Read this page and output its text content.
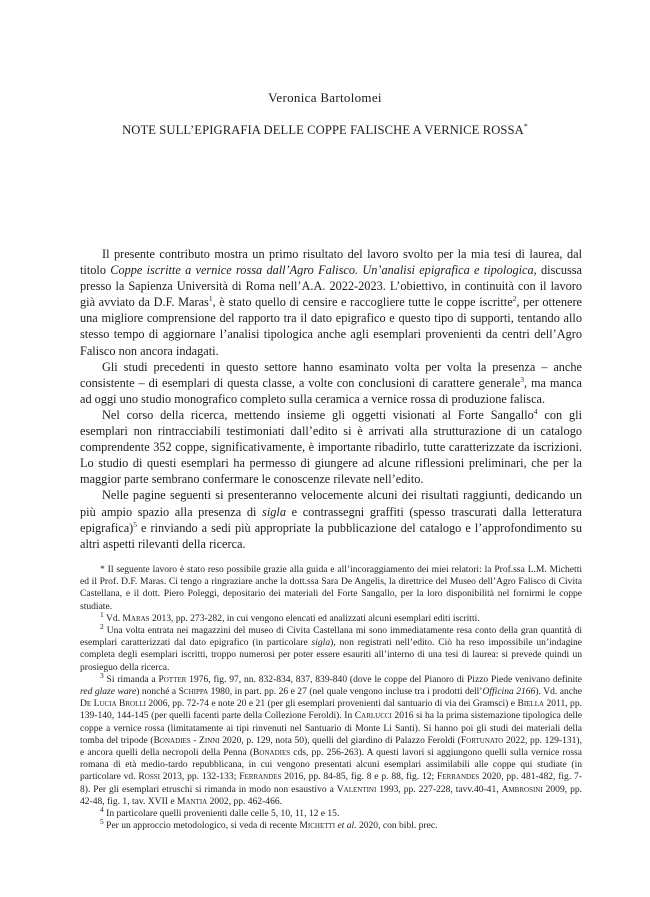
Veronica Bartolomei
NOTE SULL’EPIGRAFIA DELLE COPPE FALISCHE A VERNICE ROSSA*

Il presente contributo mostra un primo risultato del lavoro svolto per la mia tesi di laurea, dal titolo Coppe iscritte a vernice rossa dall’Agro Falisco. Un’analisi epigrafica e tipologica, discussa presso la Sapienza Università di Roma nell’A.A. 2022-2023. L’obiettivo, in continuità con il lavoro già avviato da D.F. Maras$^1$, è stato quello di censire e raccogliere tutte le coppe iscritte$^2$, per ottenere una migliore comprensione del rapporto tra il dato epigrafico e questo tipo di supporti, tentando allo stesso tempo di aggiornare l’analisi tipologica anche agli esemplari provenienti da centri dell’Agro Falisco non ancora indagati.

Gli studi precedenti in questo settore hanno esaminato volta per volta la presenza – anche consistente – di esemplari di questa classe, a volte con conclusioni di carattere generale$^3$, ma manca ad oggi uno studio monografico completo sulla ceramica a vernice rossa di produzione falisca.

Nel corso della ricerca, mettendo insieme gli oggetti visionati al Forte Sangallo$^4$ con gli esemplari non rintracciabili testimoniati dall’edito si è arrivati alla strutturazione di un catalogo comprendente 352 coppe, significativamente, è importante ribadirlo, tutte caratterizzate da iscrizioni. Lo studio di questi esemplari ha permesso di giungere ad alcune riflessioni preliminari, che per la maggior parte sembrano confermare le conoscenze rilevate nell’edito.

Nelle pagine seguenti si presenteranno velocemente alcuni dei risultati raggiunti, dedicando un più ampio spazio alla presenza di sigla e contrassegni graffiti (spesso trascurati dalla letteratura epigrafica)$^5$ e rinviando a sedi più appropriate la pubblicazione del catalogo e l’approfondimento su altri aspetti rilevanti della ricerca.

* Il seguente lavoro è stato reso possibile grazie alla guida e all’incoraggiamento dei miei relatori: la Prof.ssa L.M. Michetti ed il Prof. D.F. Maras. Ci tengo a ringraziare anche la dott.ssa Sara De Angelis, la direttrice del Museo dell’Agro Falisco di Civita Castellana, e il dott. Piero Poleggi, depositario dei materiali del Forte Sangallo, per la loro disponibilità nel fornirmi le coppe studiate.

$^1$ Vd. Maras 2013, pp. 273-282, in cui vengono elencati ed analizzati alcuni esemplari editi iscritti.

$^2$ Una volta entrata nei magazzini del museo di Civita Castellana mi sono immediatamente resa conto della gran quantità di esemplari caratterizzati dal dato epigrafico (in particolare sigla), non registrati nell’edito. Ciò ha reso impossibile un’indagine completa degli esemplari iscritti, troppo numerosi per poter essere esauriti all’interno di una tesi di laurea: si prevede quindi un prosieguo della ricerca.

$^3$ Si rimanda a Potter 1976, fig. 97, nn. 832-834, 837, 839-840 (dove le coppe del Pianoro di Pizzo Piede venivano definite red glaze ware) nonché a Schippa 1980, in part. pp. 26 e 27 (nel quale vengono incluse tra i prodotti dell’Officina 2166). Vd. anche De Lucia Brolli 2006, pp. 72-74 e note 20 e 21 (per gli esemplari provenienti dal santuario di via dei Gramsci) e Biella 2011, pp. 139-140, 144-145 (per quelli facenti parte della Collezione Feroldi). In Carlucci 2016 si ha la prima sistemazione tipologica delle coppe a vernice rossa (limitatamente ai tipi rinvenuti nel Santuario di Monte Li Santi). Si hanno poi gli studi dei materiali della tomba del tripode (Bonadies - Zinni 2020, p. 129, nota 50), quelli del giardino di Palazzo Feroldi (Fortunato 2022, pp. 129-131), e ancora quelli della necropoli della Penna (Bonadies cds, pp. 256-263). A questi lavori si aggiungono quelli sulla vernice rossa romana di età medio-tardo repubblicana, in cui vengono presentati alcuni esemplari assimilabili alle coppe qui studiate (in particolare vd. Rossi 2013, pp. 132-133; Ferrandes 2016, pp. 84-85, fig. 8 e p. 88, fig. 12; Ferrandes 2020, pp. 481-482, fig. 7-8). Per gli esemplari etruschi si rimanda in modo non esaustivo a Valentini 1993, pp. 227-228, tavv.40-41, Ambrosini 2009, pp. 42-48, fig. 1, tav. XVII e Mantia 2002, pp. 462-466.

$^4$ In particolare quelli provenienti dalle celle 5, 10, 11, 12 e 15.

$^5$ Per un approccio metodologico, si veda di recente Michetti et al. 2020, con bibl. prec.
